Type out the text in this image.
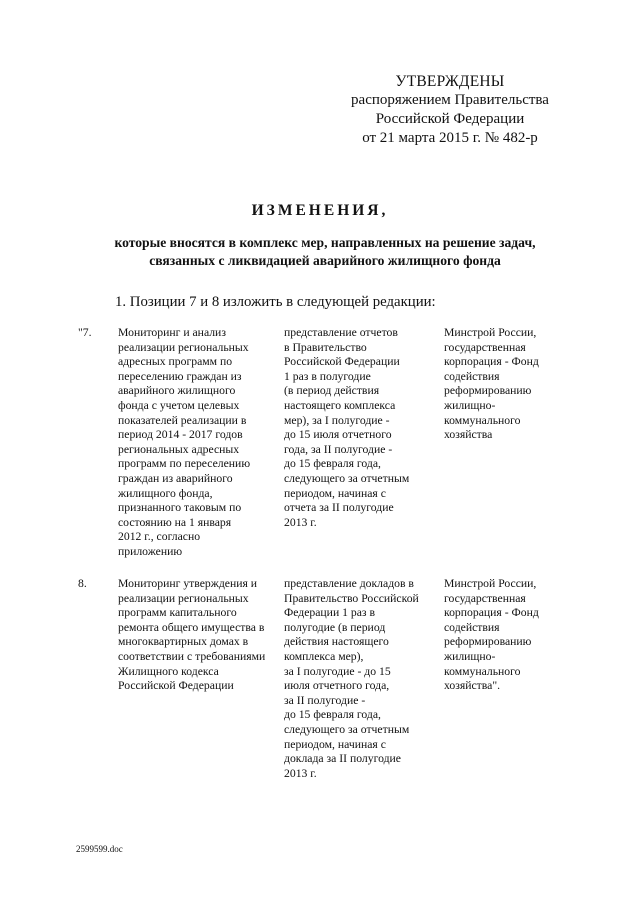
УТВЕРЖДЕНЫ
распоряжением Правительства
Российской Федерации
от 21 марта 2015 г. № 482-р
ИЗМЕНЕНИЯ,
которые вносятся в комплекс мер, направленных на решение задач,
связанных с ликвидацией аварийного жилищного фонда
1. Позиции 7 и 8 изложить в следующей редакции:
"7. Мониторинг и анализ
реализации региональных
адресных программ по
переселению граждан из
аварийного жилищного
фонда с учетом целевых
показателей реализации в
период 2014 - 2017 годов
региональных адресных
программ по переселению
граждан из аварийного
жилищного фонда,
признанного таковым по
состоянию на 1 января
2012 г., согласно
приложению
представление отчетов
в Правительство
Российской Федерации
1 раз в полугодие
(в период действия
настоящего комплекса
мер), за I полугодие -
до 15 июля отчетного
года, за II полугодие -
до 15 февраля года,
следующего за отчетным
периодом, начиная с
отчета за II полугодие
2013 г.
Минстрой России,
государственная
корпорация - Фонд
содействия
реформированию
жилищно-
коммунального
хозяйства
8.	Мониторинг утверждения и
реализации региональных
программ капитального
ремонта общего имущества в
многоквартирных домах в
соответствии с требованиями
Жилищного кодекса
Российской Федерации
представление докладов в
Правительство Российской
Федерации 1 раз в
полугодие (в период
действия настоящего
комплекса мер),
за I полугодие - до 15
июля отчетного года,
за II полугодие -
до 15 февраля года,
следующего за отчетным
периодом, начиная с
доклада за II полугодие
2013 г.
Минстрой России,
государственная
корпорация - Фонд
содействия
реформированию
жилищно-
коммунального
хозяйства".
2599599.doc
